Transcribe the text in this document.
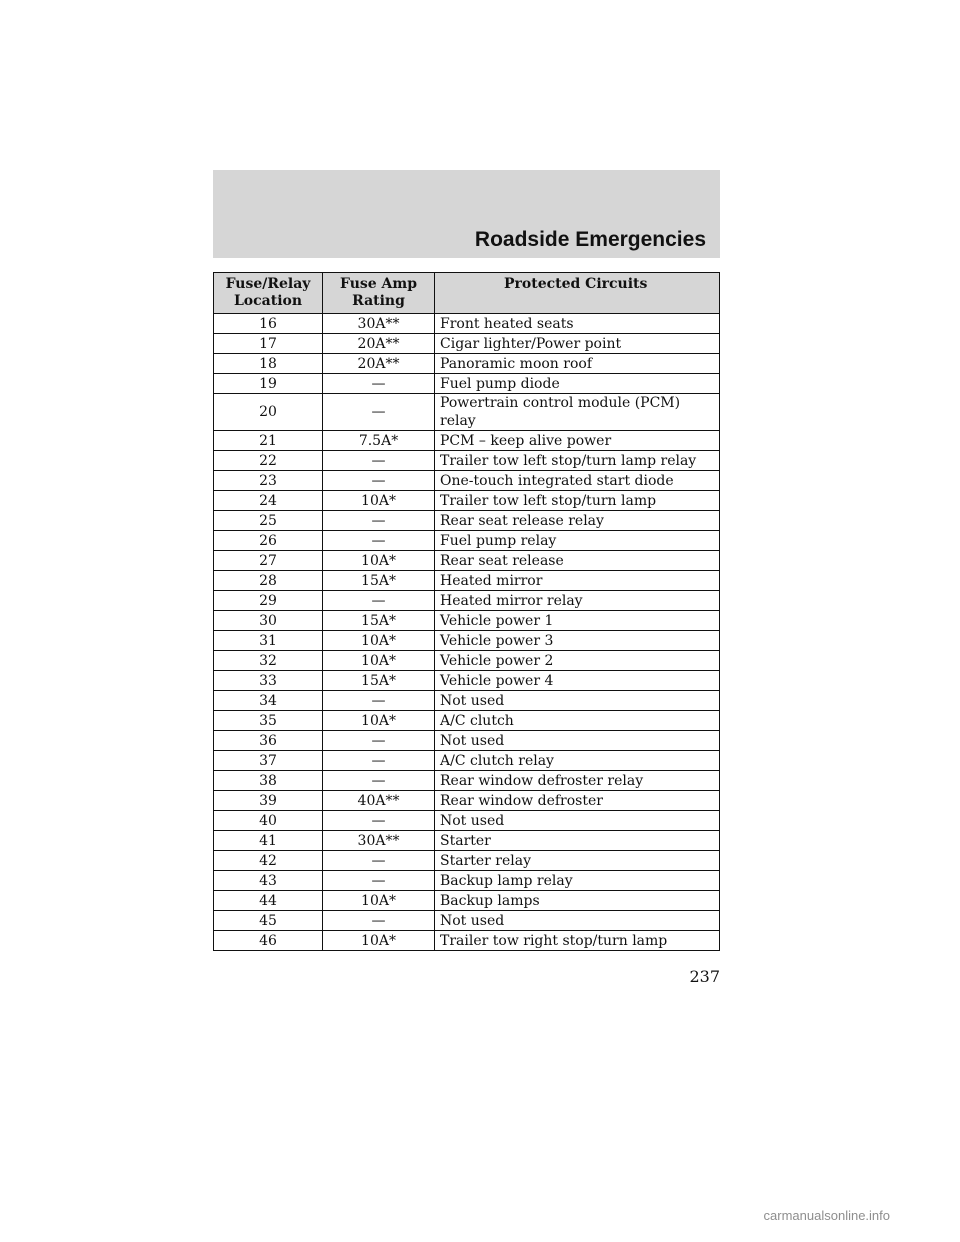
Roadside Emergencies
Fuse/Relay Location	Fuse Amp Rating	Protected Circuits
16	30A**	Front heated seats
17	20A**	Cigar lighter/Power point
18	20A**	Panoramic moon roof
19	—	Fuel pump diode
20	—	Powertrain control module (PCM) relay
21	7.5A*	PCM – keep alive power
22	—	Trailer tow left stop/turn lamp relay
23	—	One-touch integrated start diode
24	10A*	Trailer tow left stop/turn lamp
25	—	Rear seat release relay
26	—	Fuel pump relay
27	10A*	Rear seat release
28	15A*	Heated mirror
29	—	Heated mirror relay
30	15A*	Vehicle power 1
31	10A*	Vehicle power 3
32	10A*	Vehicle power 2
33	15A*	Vehicle power 4
34	—	Not used
35	10A*	A/C clutch
36	—	Not used
37	—	A/C clutch relay
38	—	Rear window defroster relay
39	40A**	Rear window defroster
40	—	Not used
41	30A**	Starter
42	—	Starter relay
43	—	Backup lamp relay
44	10A*	Backup lamps
45	—	Not used
46	10A*	Trailer tow right stop/turn lamp
237
carmanualsonline.info
